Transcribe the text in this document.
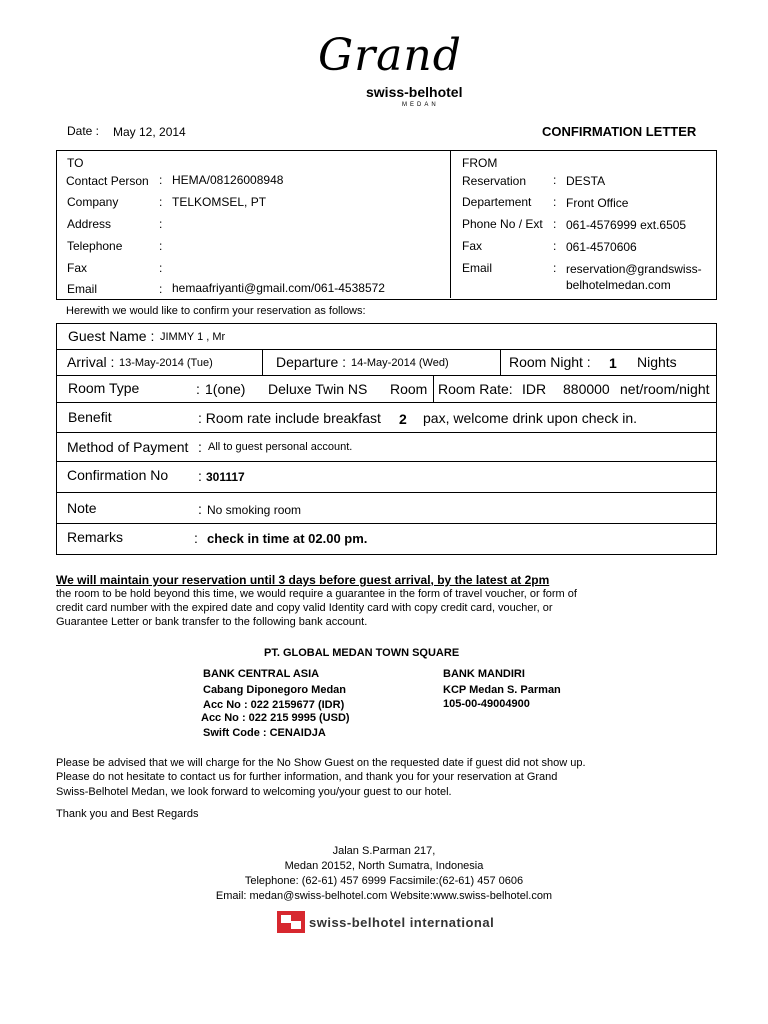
Grand
swiss-belhotel
MEDAN
Date : May 12, 2014	CONFIRMATION LETTER
TO
Contact Person : HEMA/08126008948
Company	: TELKOMSEL, PT
Address	:
Telephone	:
Fax	:
Email	: hemaafriyanti@gmail.com/061-4538572
FROM
Reservation : DESTA
Departement : Front Office
Phone No / Ext : 061-4576999 ext.6505
Fax	: 061-4570606
Email	: reservation@grandswiss-
belhotelmedan.com
Herewith we would like to confirm your reservation as follows:
Guest Name : JIMMY 1 , Mr
Arrival : 13-May-2014 (Tue)	Departure : 14-May-2014 (Wed)	Room Night : 1 Nights
Room Type	: 1(one) Deluxe Twin NS Room Room Rate: IDR 880000 net/room/night
Benefit	: Room rate include breakfast 2 pax, welcome drink upon check in.
Method of Payment : All to guest personal account.
Confirmation No : 301117
Note	: No smoking room
Remarks	: check in time at 02.00 pm.
We will maintain your reservation until 3 days before guest arrival, by the latest at 2pm
the room to be hold beyond this time, we would require a guarantee in the form of travel voucher, or form of
credit card number with the expired date and copy valid Identity card with copy credit card, voucher, or
Guarantee Letter or bank transfer to the following bank account.
PT. GLOBAL MEDAN TOWN SQUARE
BANK CENTRAL ASIA
Cabang Diponegoro Medan
Acc No : 022 2159677 (IDR)
Acc No : 022 215 9995 (USD)
Swift Code : CENAIDJA
BANK MANDIRI
KCP Medan S. Parman
105-00-49004900
Please be advised that we will charge for the No Show Guest on the requested date if guest did not show up.
Please do not hesitate to contact us for further information, and thank you for your reservation at Grand
Swiss-Belhotel Medan, we look forward to welcoming you/your guest to our hotel.
Thank you and Best Regards
Jalan S.Parman 217,
Medan 20152, North Sumatra, Indonesia
Telephone: (62-61) 457 6999 Facsimile:(62-61) 457 0606
Email: medan@swiss-belhotel.com Website:www.swiss-belhotel.com
swiss-belhotel international
